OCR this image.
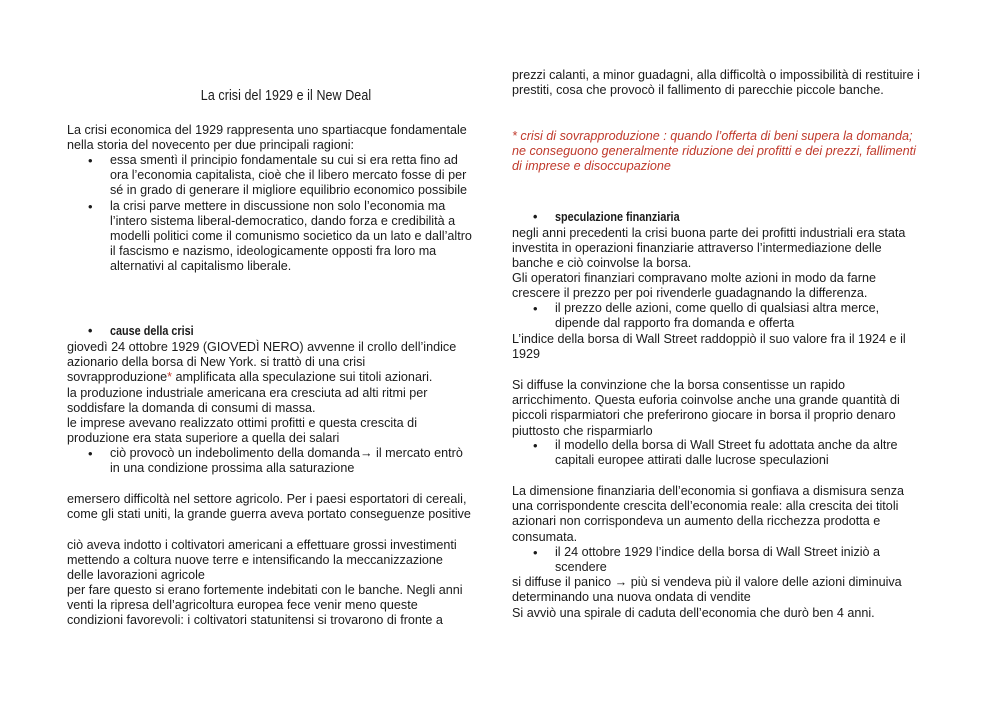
La crisi del 1929 e il New Deal

La crisi economica del 1929 rappresenta uno spartiacque fondamentale nella storia del novecento per due principali ragioni:

• essa smentì il principio fondamentale su cui si era retta fino ad ora l’economia capitalista, cioè che il libero mercato fosse di per sé in grado di generare il migliore equilibrio economico possibile
• la crisi parve mettere in discussione non solo l’economia ma l’intero sistema liberal-democratico, dando forza e credibilità a modelli politici come il comunismo societico da un lato e dall’altro il fascismo e nazismo, ideologicamente opposti fra loro ma alternativi al capitalismo liberale.
• cause della crisi

giovedì 24 ottobre 1929 (GIOVEDÌ NERO) avvenne il crollo dell’indice azionario della borsa di New York. si trattò di una crisi sovrapproduzione* amplificata alla speculazione sui titoli azionari.

la produzione industriale americana era cresciuta ad alti ritmi per soddisfare la domanda di consumi di massa.

le imprese avevano realizzato ottimi profitti e questa crescita di produzione era stata superiore a quella dei salari

• ciò provocò un indebolimento della domanda→ il mercato entrò in una condizione prossima alla saturazione

emersero difficoltà nel settore agricolo. Per i paesi esportatori di cereali, come gli stati uniti, la grande guerra aveva portato conseguenze positive

ciò aveva indotto i coltivatori americani a effettuare grossi investimenti mettendo a coltura nuove terre e intensificando la meccanizzazione delle lavorazioni agricole

per fare questo si erano fortemente indebitati con le banche. Negli anni venti la ripresa dell’agricoltura europea fece venir meno queste condizioni favorevoli: i coltivatori statunitensi si trovarono di fronte a

prezzi calanti, a minor guadagni, alla difficoltà o impossibilità di restituire i prestiti, cosa che provocò il fallimento di parecchie piccole banche.

* crisi di sovrapproduzione : quando l’offerta di beni supera la domanda; ne conseguono generalmente riduzione dei profitti e dei prezzi, fallimenti di imprese e disoccupazione

• speculazione finanziaria

negli anni precedenti la crisi buona parte dei profitti industriali era stata investita in operazioni finanziarie attraverso l’intermediazione delle banche e ciò coinvolse la borsa.

Gli operatori finanziari compravano molte azioni in modo da farne crescere il prezzo per poi rivenderle guadagnando la differenza.

• il prezzo delle azioni, come quello di qualsiasi altra merce, dipende dal rapporto fra domanda e offerta

L’indice della borsa di Wall Street raddoppiò il suo valore fra il 1924 e il 1929

Si diffuse la convinzione che la borsa consentisse un rapido arricchimento. Questa euforia coinvolse anche una grande quantità di piccoli risparmiatori che preferirono giocare in borsa il proprio denaro piuttosto che risparmiarlo

• il modello della borsa di Wall Street fu adottata anche da altre capitali europee attirati dalle lucrose speculazioni

La dimensione finanziaria dell’economia si gonfiava a dismisura senza una corrispondente crescita dell’economia reale: alla crescita dei titoli azionari non corrispondeva un aumento della ricchezza prodotta e consumata.

• il 24 ottobre 1929 l’indice della borsa di Wall Street iniziò a scendere

si diffuse il panico → più si vendeva più il valore delle azioni diminuiva determinando una nuova ondata di vendite

Si avviò una spirale di caduta dell’economia che durò ben 4 anni.
